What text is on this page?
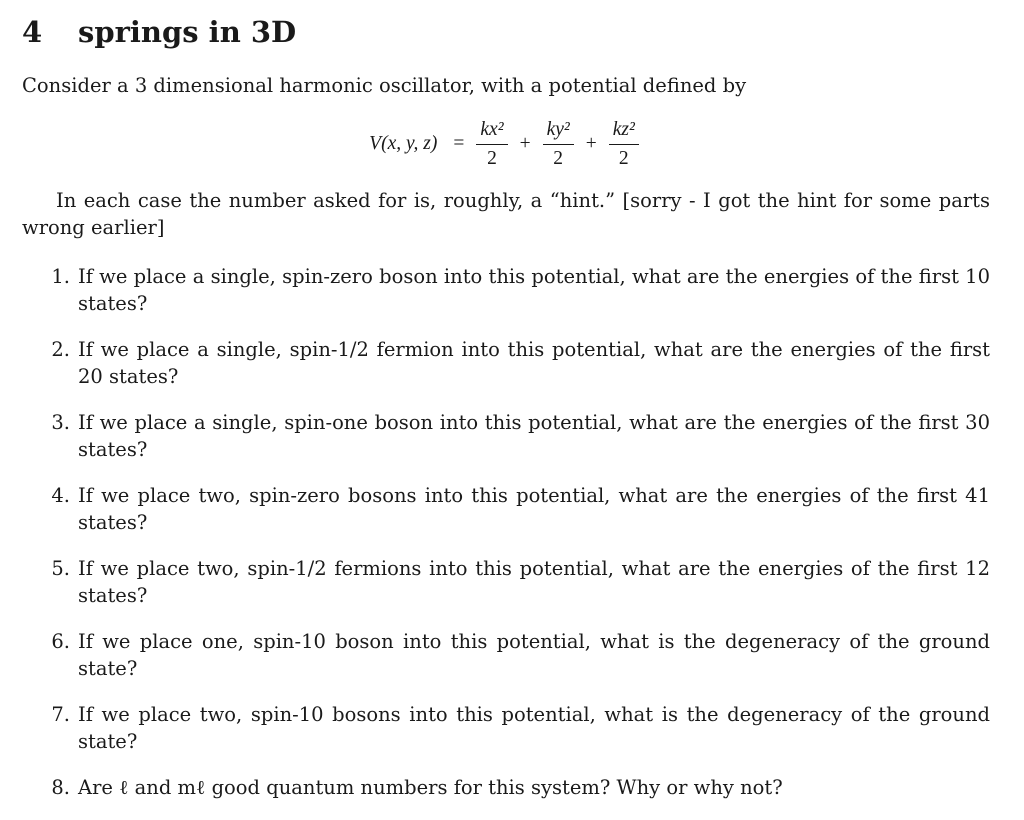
4	springs in 3D

Consider a 3 dimensional harmonic oscillator, with a potential defined by

V(x, y, $z) = \frac{\text{kx²}}{2} + \frac{\text{ky²}}{2} + \frac{\text{kz²}}{2}$

In each case the number asked for is, roughly, a “hint.” [sorry - I got the hint for some parts wrong earlier]

1. If we place a single, spin-zero boson into this potential, what are the energies of the first 10 states?
2. If we place a single, spin-1/2 fermion into this potential, what are the energies of the first 20 states?
3. If we place a single, spin-one boson into this potential, what are the energies of the first 30 states?
4. If we place two, spin-zero bosons into this potential, what are the energies of the first 41 states?
5. If we place two, spin-1/2 fermions into this potential, what are the energies of the first 12 states?
6. If we place one, spin-10 boson into this potential, what is the degeneracy of the ground state?
7. If we place two, spin-10 bosons into this potential, what is the degeneracy of the ground state?
8. Are ℓ and mℓ good quantum numbers for this system? Why or why not?
